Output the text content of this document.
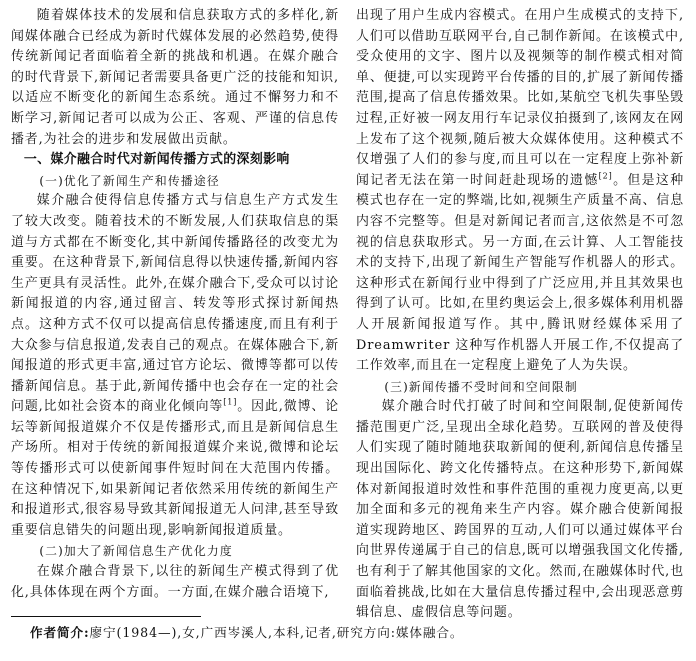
随着媒体技术的发展和信息获取方式的多样化,新闻媒体融合已经成为新时代媒体发展的必然趋势,使得传统新闻记者面临着全新的挑战和机遇。在媒介融合的时代背景下,新闻记者需要具备更广泛的技能和知识,以适应不断变化的新闻生态系统。通过不懈努力和不断学习,新闻记者可以成为公正、客观、严谨的信息传播者,为社会的进步和发展做出贡献。

一、媒介融合时代对新闻传播方式的深刻影响

(一)优化了新闻生产和传播途径

媒介融合使得信息传播方式与信息生产方式发生了较大改变。随着技术的不断发展,人们获取信息的渠道与方式都在不断变化,其中新闻传播路径的改变尤为重要。在这种背景下,新闻信息得以快速传播,新闻内容生产更具有灵活性。此外,在媒介融合下,受众可以讨论新闻报道的内容,通过留言、转发等形式探讨新闻热点。这种方式不仅可以提高信息传播速度,而且有利于大众参与信息报道,发表自己的观点。在媒体融合下,新闻报道的形式更丰富,通过官方论坛、微博等都可以传播新闻信息。基于此,新闻传播中也会存在一定的社会问题,比如社会资本的商业化倾向等[1]。因此,微博、论坛等新闻报道媒介不仅是传播形式,而且是新闻信息生产场所。相对于传统的新闻报道媒介来说,微博和论坛等传播形式可以使新闻事件短时间在大范围内传播。在这种情况下,如果新闻记者依然采用传统的新闻生产和报道形式,很容易导致其新闻报道无人问津,甚至导致重要信息错失的问题出现,影响新闻报道质量。

(二)加大了新闻信息生产优化力度

在媒介融合背景下,以往的新闻生产模式得到了优化,具体体现在两个方面。一方面,在媒介融合语境下,

出现了用户生成内容模式。在用户生成模式的支持下,人们可以借助互联网平台,自己制作新闻。在该模式中,受众使用的文字、图片以及视频等的制作模式相对简单、便捷,可以实现跨平台传播的目的,扩展了新闻传播范围,提高了信息传播效果。比如,某航空飞机失事坠毁过程,正好被一网友用行车记录仪拍摄到了,该网友在网上发布了这个视频,随后被大众媒体使用。这种模式不仅增强了人们的参与度,而且可以在一定程度上弥补新闻记者无法在第一时间赶赴现场的遗憾[2]。但是这种模式也存在一定的弊端,比如,视频生产质量不高、信息内容不完整等。但是对新闻记者而言,这依然是不可忽视的信息获取形式。另一方面,在云计算、人工智能技术的支持下,出现了新闻生产智能写作机器人的形式。这种形式在新闻行业中得到了广泛应用,并且其效果也得到了认可。比如,在里约奥运会上,很多媒体利用机器人开展新闻报道写作。其中,腾讯财经媒体采用了 Dreamwriter 这种写作机器人开展工作,不仅提高了工作效率,而且在一定程度上避免了人为失误。

(三)新闻传播不受时间和空间限制

媒介融合时代打破了时间和空间限制,促使新闻传播范围更广泛,呈现出全球化趋势。互联网的普及使得人们实现了随时随地获取新闻的便利,新闻信息传播呈现出国际化、跨文化传播特点。在这种形势下,新闻媒体对新闻报道时效性和事件范围的重视力度更高,以更加全面和多元的视角来生产内容。媒介融合使新闻报道实现跨地区、跨国界的互动,人们可以通过媒体平台向世界传递属于自己的信息,既可以增强我国文化传播,也有利于了解其他国家的文化。然而,在融媒体时代,也面临着挑战,比如在大量信息传播过程中,会出现恶意剪辑信息、虚假信息等问题。

作者简介:廖宁(1984—),女,广西岑溪人,本科,记者,研究方向:媒体融合。
